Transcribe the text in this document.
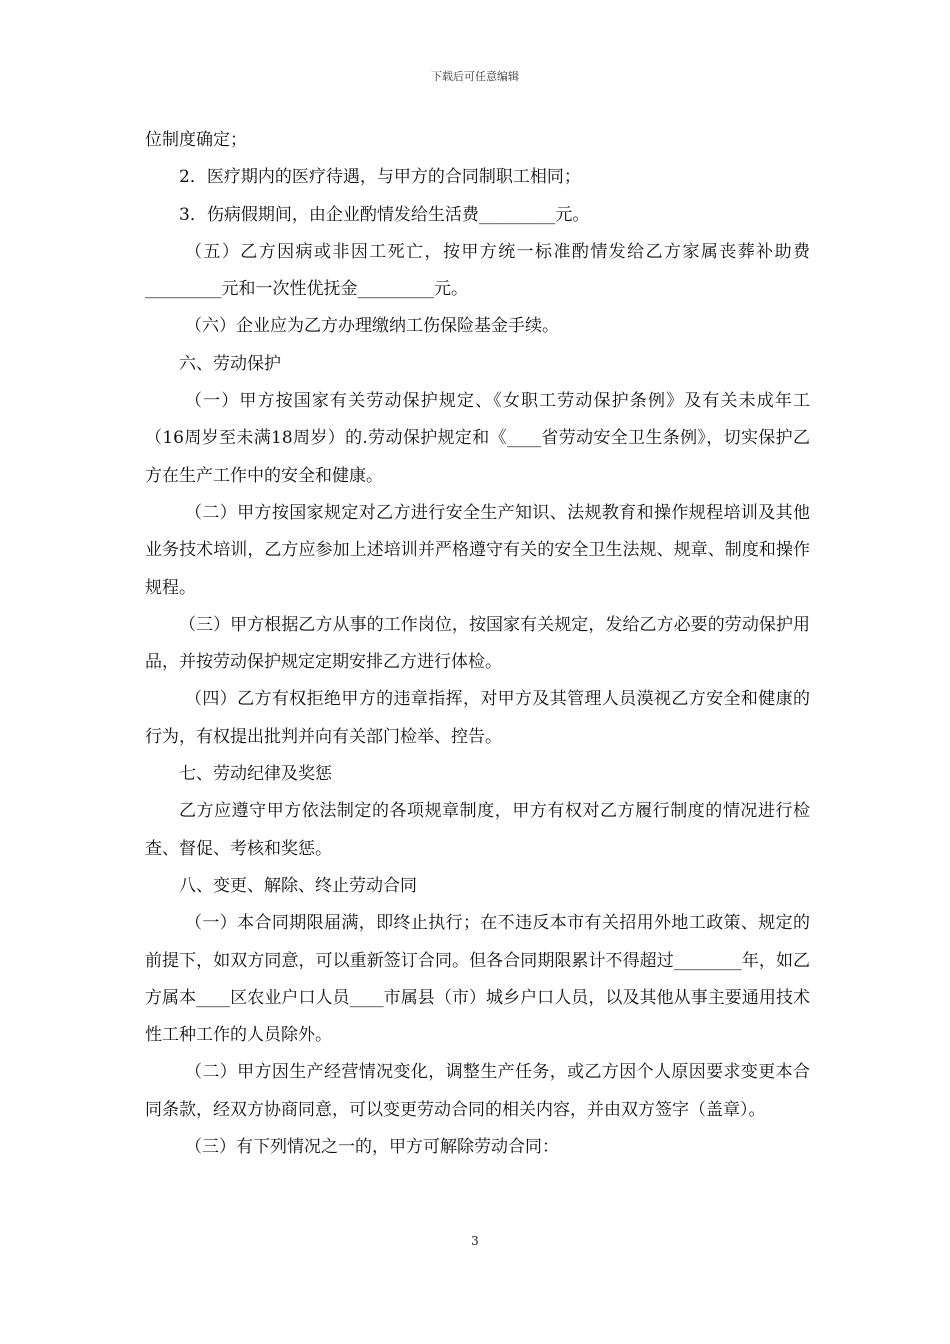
下载后可任意编辑

位制度确定；

2．医疗期内的医疗待遇，与甲方的合同制职工相同；

3．伤病假期间，由企业酌情发给生活费_________元。

（五）乙方因病或非因工死亡，按甲方统一标准酌情发给乙方家属丧葬补助费_________元和一次性优抚金_________元。

（六）企业应为乙方办理缴纳工伤保险基金手续。

六、劳动保护

（一）甲方按国家有关劳动保护规定、《女职工劳动保护条例》及有关未成年工（16周岁至未满18周岁）的.劳动保护规定和《____省劳动安全卫生条例》，切实保护乙方在生产工作中的安全和健康。

（二）甲方按国家规定对乙方进行安全生产知识、法规教育和操作规程培训及其他业务技术培训，乙方应参加上述培训并严格遵守有关的安全卫生法规、规章、制度和操作规程。

（三）甲方根据乙方从事的工作岗位，按国家有关规定，发给乙方必要的劳动保护用品，并按劳动保护规定定期安排乙方进行体检。

（四）乙方有权拒绝甲方的违章指挥，对甲方及其管理人员漠视乙方安全和健康的行为，有权提出批判并向有关部门检举、控告。

七、劳动纪律及奖惩

乙方应遵守甲方依法制定的各项规章制度，甲方有权对乙方履行制度的情况进行检查、督促、考核和奖惩。

八、变更、解除、终止劳动合同

（一）本合同期限届满，即终止执行；在不违反本市有关招用外地工政策、规定的前提下，如双方同意，可以重新签订合同。但各合同期限累计不得超过________年，如乙方属本____区农业户口人员____市属县（市）城乡户口人员，以及其他从事主要通用技术性工种工作的人员除外。

（二）甲方因生产经营情况变化，调整生产任务，或乙方因个人原因要求变更本合同条款，经双方协商同意，可以变更劳动合同的相关内容，并由双方签字（盖章）。

（三）有下列情况之一的，甲方可解除劳动合同：

3
